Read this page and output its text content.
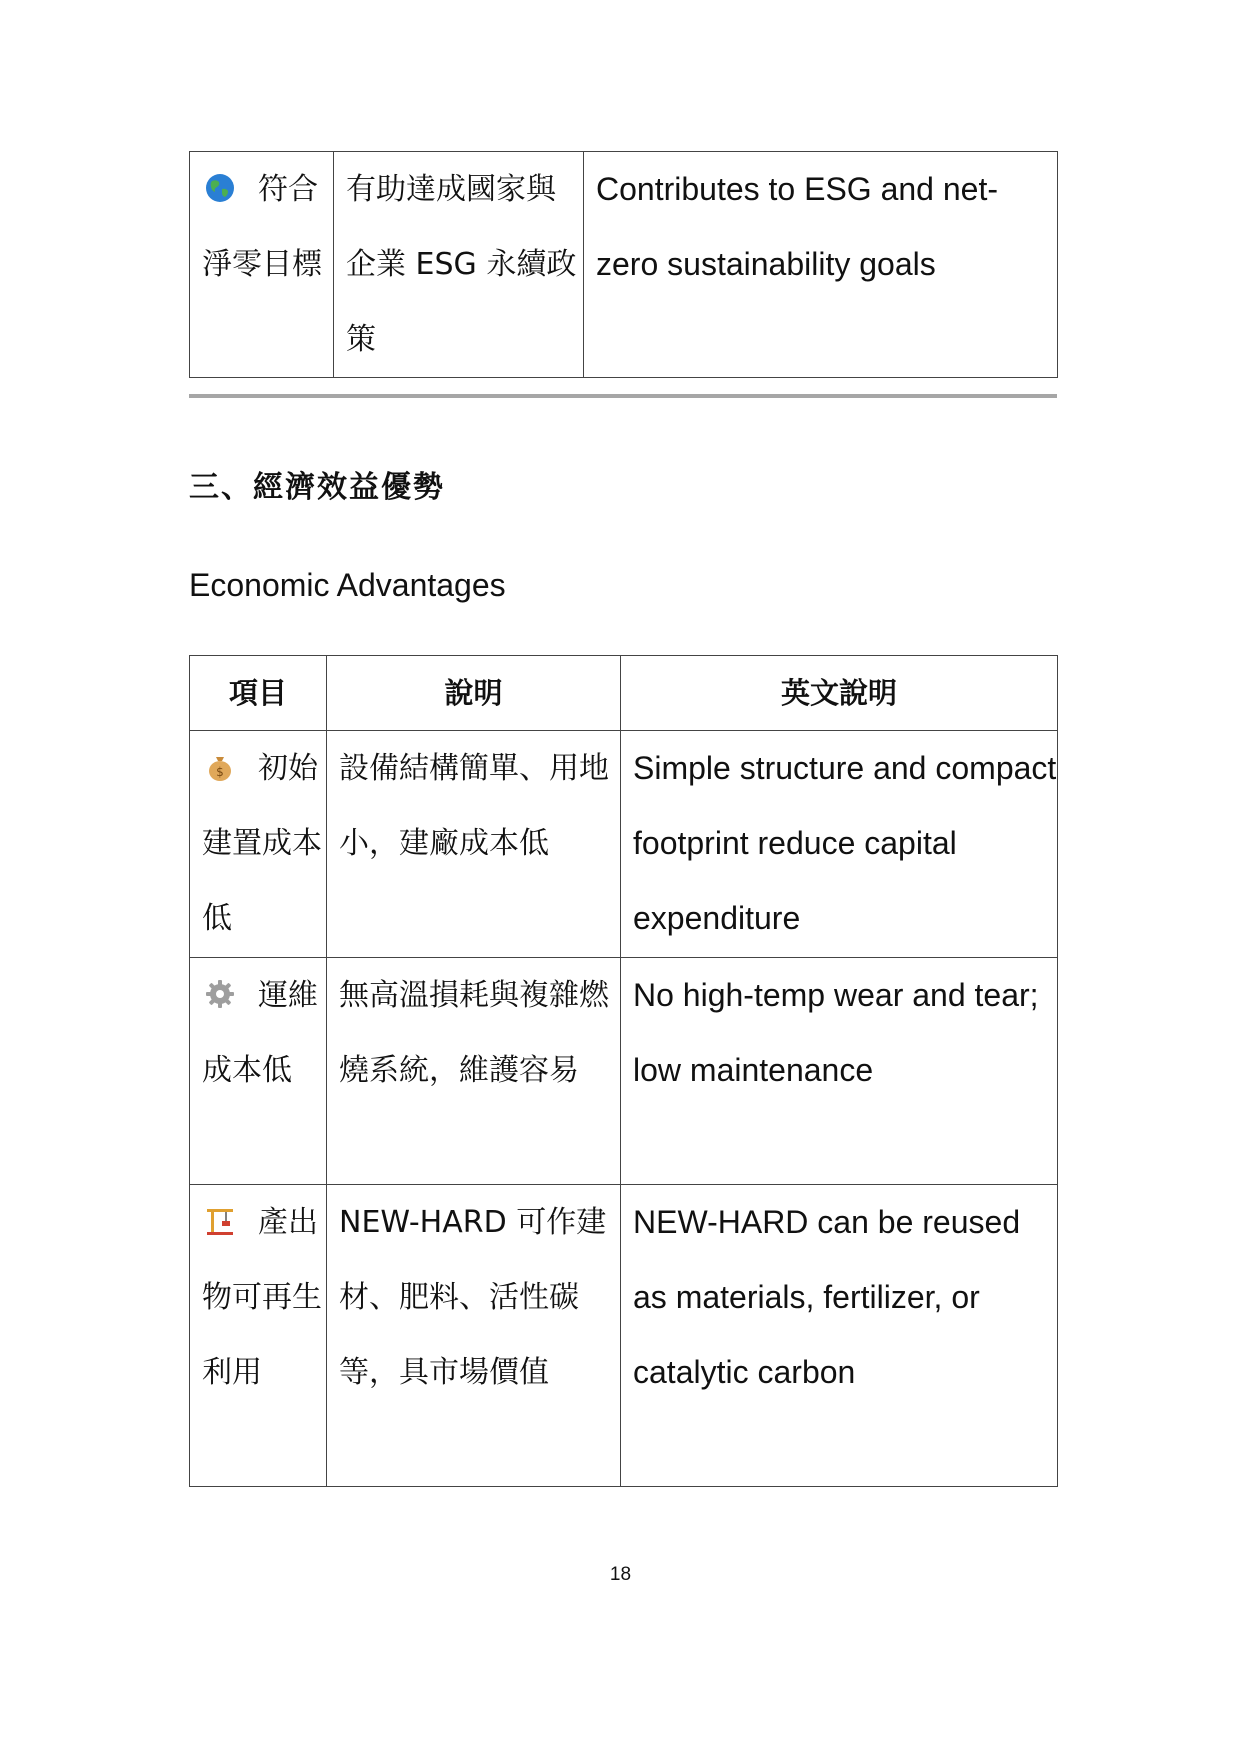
符合淨零目標	有助達成國家與企業 ESG 永續政策	Contributes to ESG and net-zero sustainability goals
三、經濟效益優勢
Economic Advantages
項目	說明	英文說明

$ 初始建置成本低	設備結構簡單、用地小，建廠成本低	Simple structure and compact footprint reduce capital expenditure
運維成本低	無高溫損耗與複雜燃燒系統，維護容易	No high-temp wear and tear; low maintenance
產出物可再生利用	NEW-HARD 可作建材、肥料、活性碳等，具市場價值	NEW-HARD can be reused as materials, fertilizer, or catalytic carbon
18
